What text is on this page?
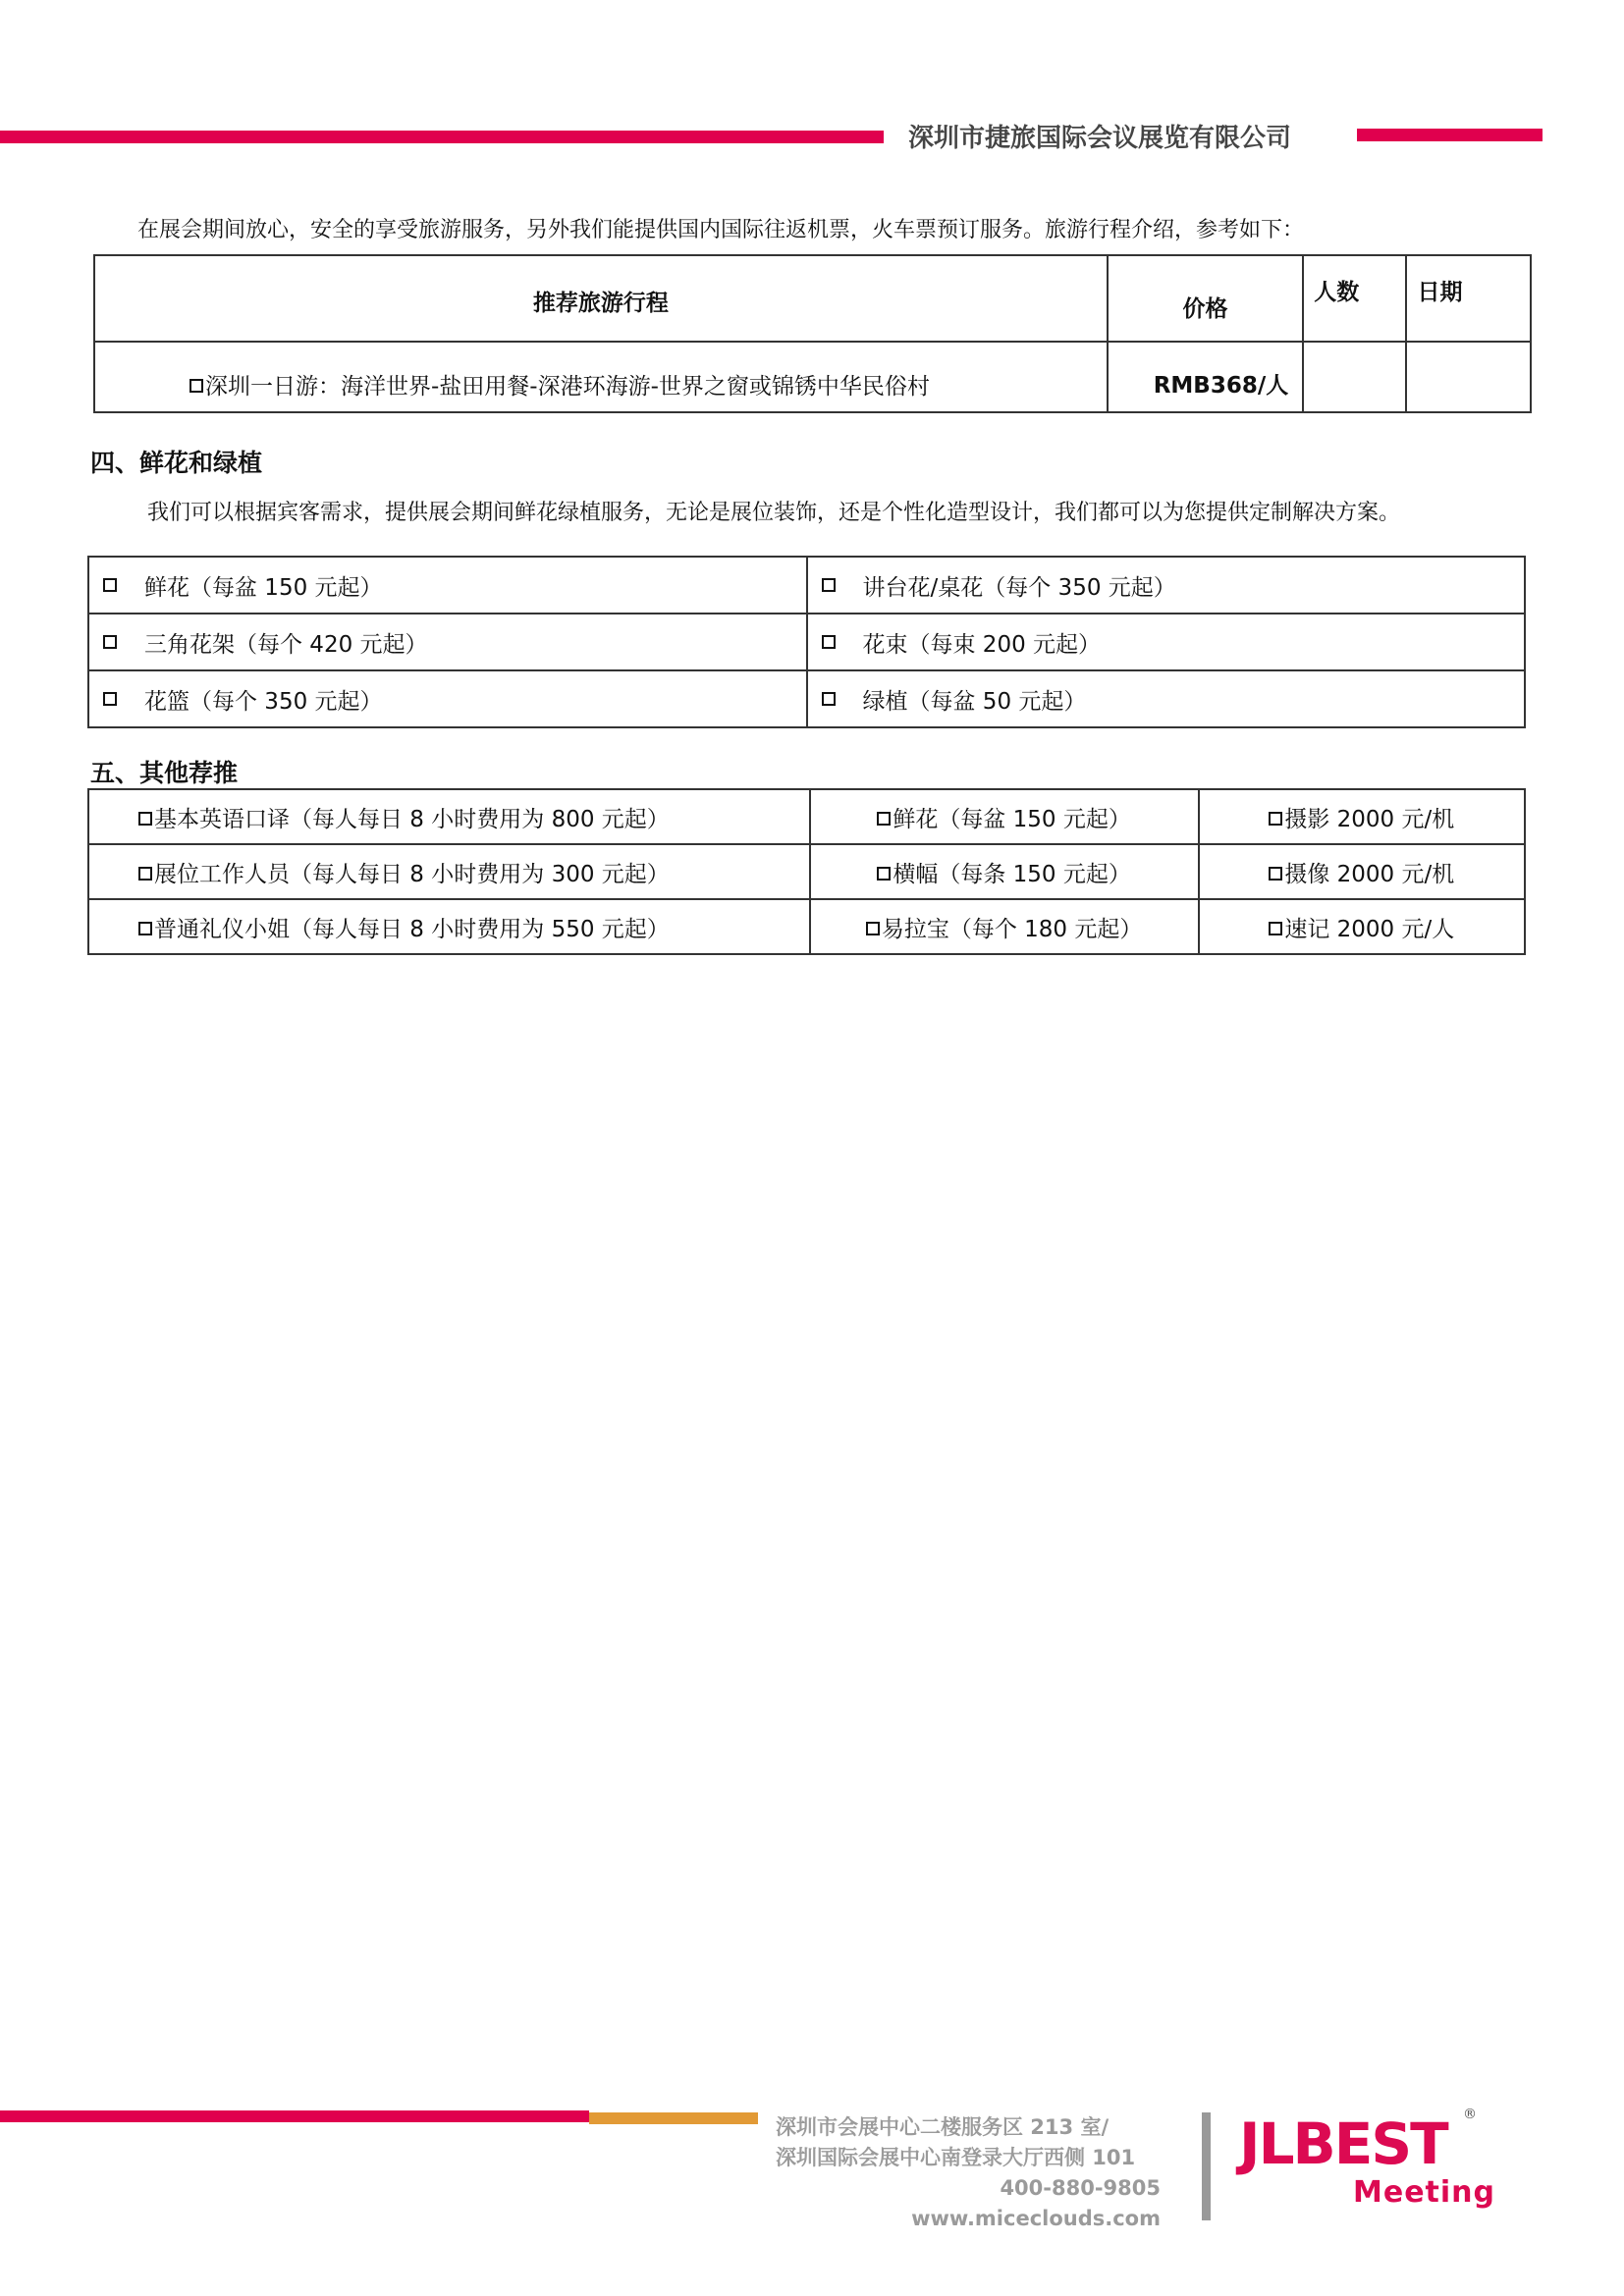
深圳市捷旅国际会议展览有限公司
在展会期间放心，安全的享受旅游服务，另外我们能提供国内国际往返机票，火车票预订服务。旅游行程介绍，参考如下：
推荐旅游行程	价格	人数	日期
深圳一日游：海洋世界-盐田用餐-深港环海游-世界之窗或锦锈中华民俗村	RMB368/人		
四、鲜花和绿植
我们可以根据宾客需求，提供展会期间鲜花绿植服务，无论是展位装饰，还是个性化造型设计，我们都可以为您提供定制解决方案。
鲜花（每盆 150 元起）	讲台花/桌花（每个 350 元起）

三角花架（每个 420 元起）	花束（每束 200 元起）

花篮（每个 350 元起）	绿植（每盆 50 元起）
五、其他荐推
基本英语口译（每人每日 8 小时费用为 800 元起）	鲜花（每盆 150 元起）	摄影 2000 元/机
展位工作人员（每人每日 8 小时费用为 300 元起）	横幅（每条 150 元起）	摄像 2000 元/机
普通礼仪小姐（每人每日 8 小时费用为 550 元起）	易拉宝（每个 180 元起）	速记 2000 元/人
深圳市会展中心二楼服务区 213 室/
深圳国际会展中心南登录大厅西侧 101
400-880-9805
www.miceclouds.com
JLBEST
Meeting
®
